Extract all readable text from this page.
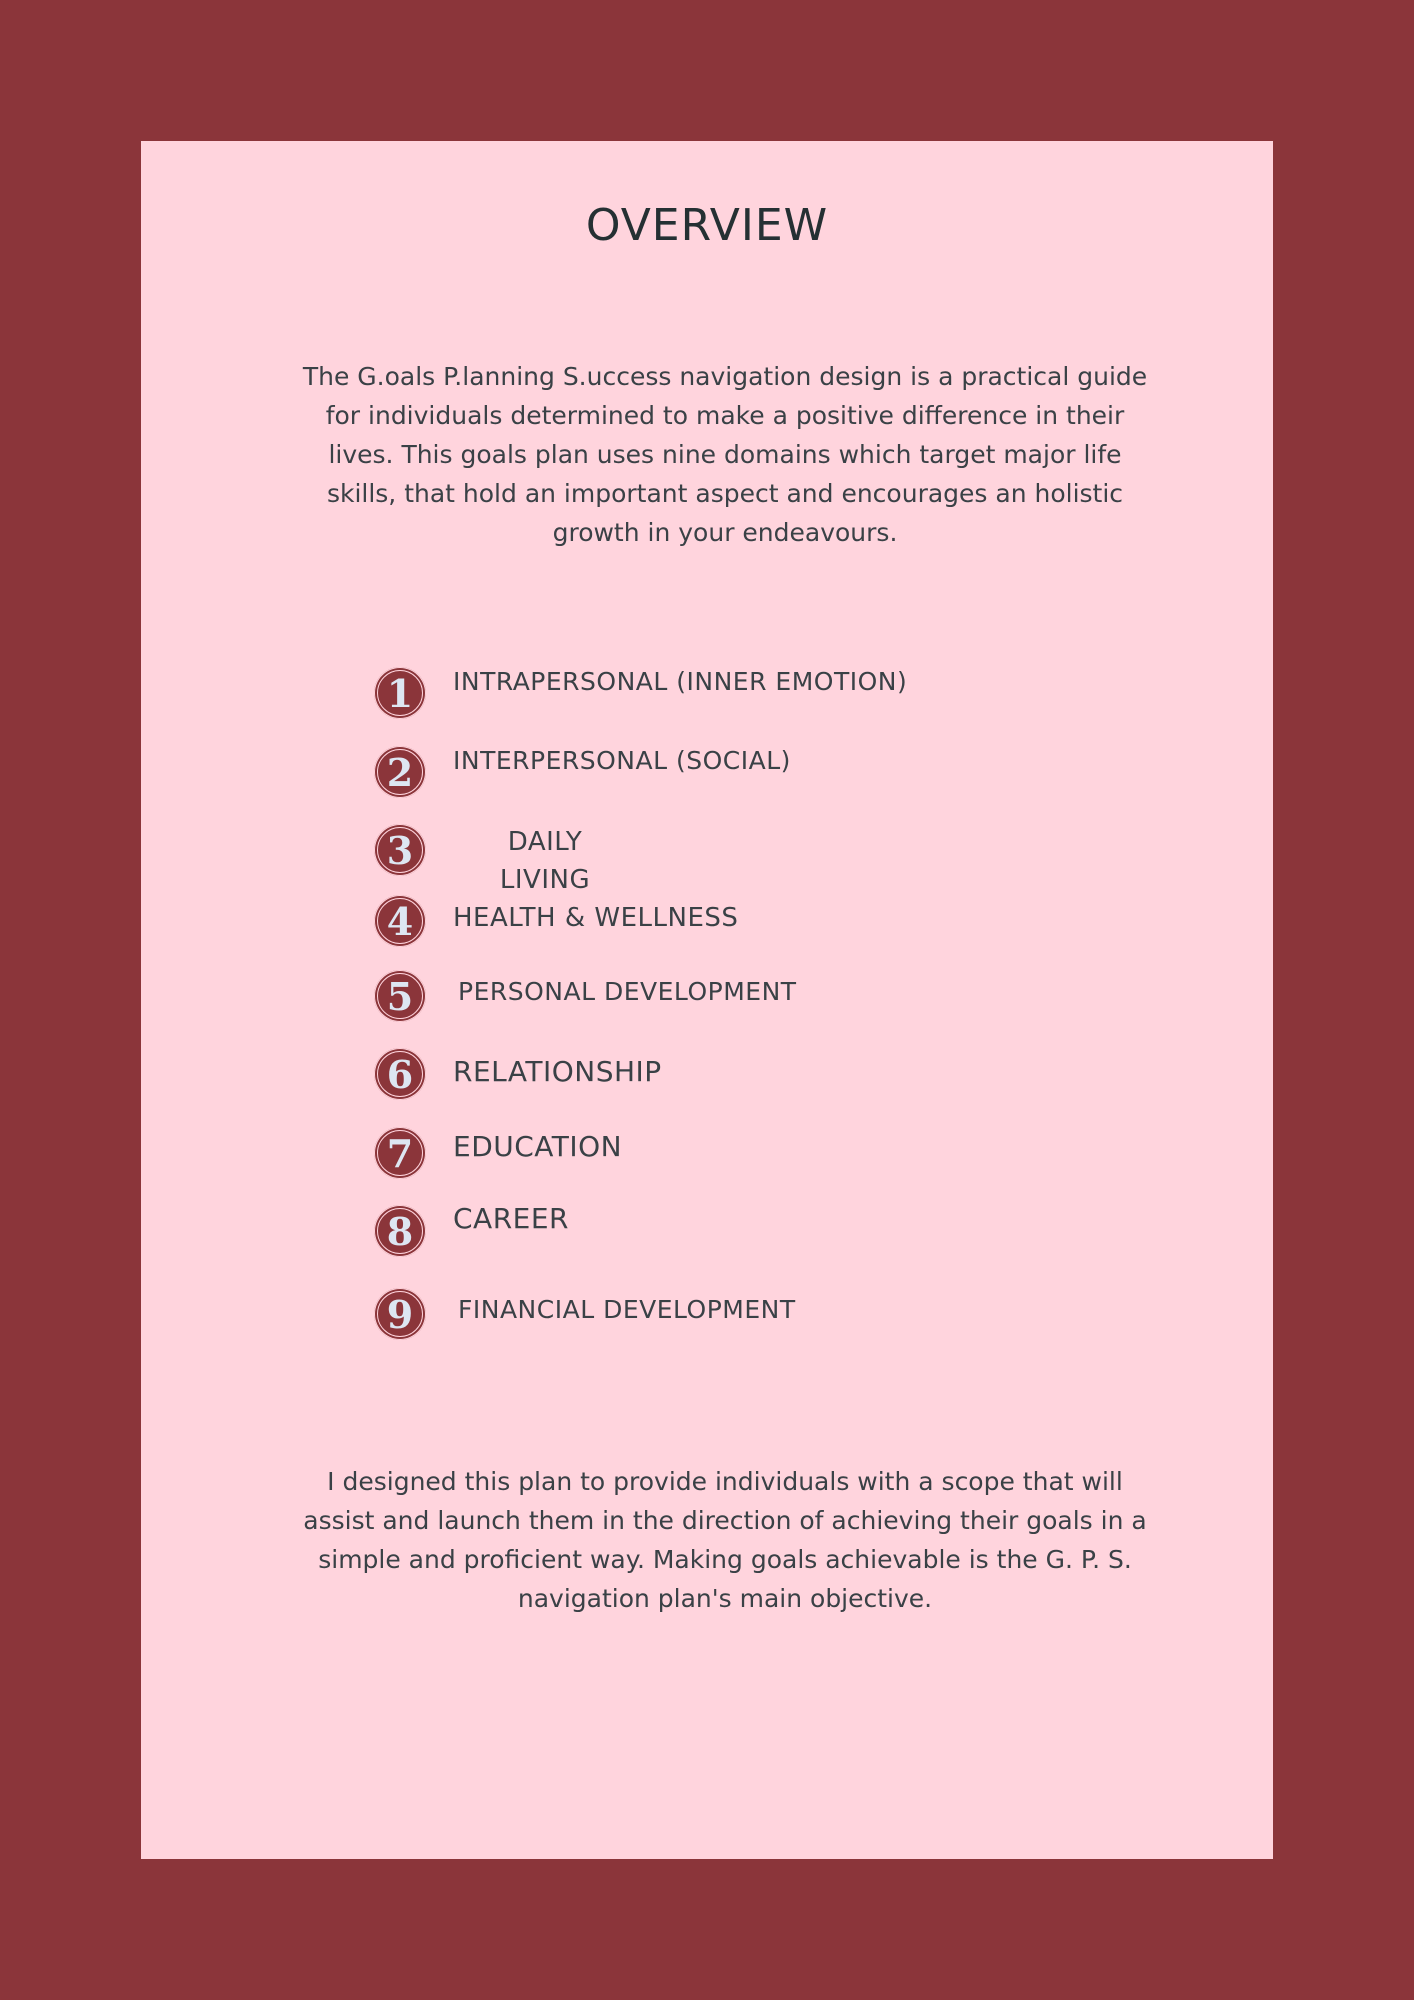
OVERVIEW

The G.oals P.lanning S.uccess navigation design is a practical guide for individuals determined to make a positive difference in their lives. This goals plan uses nine domains which target major life skills, that hold an important aspect and encourages an holistic growth in your endeavours.

1 INTRAPERSONAL (INNER EMOTION)

2 INTERPERSONAL (SOCIAL)

3	DAILY LIVING

4 HEALTH & WELLNESS

5 PERSONAL DEVELOPMENT

6 RELATIONSHIP

7 EDUCATION

8 CAREER

9 FINANCIAL DEVELOPMENT

I designed this plan to provide individuals with a scope that will assist and launch them in the direction of achieving their goals in a simple and proficient way. Making goals achievable is the G. P. S. navigation plan's main objective.
